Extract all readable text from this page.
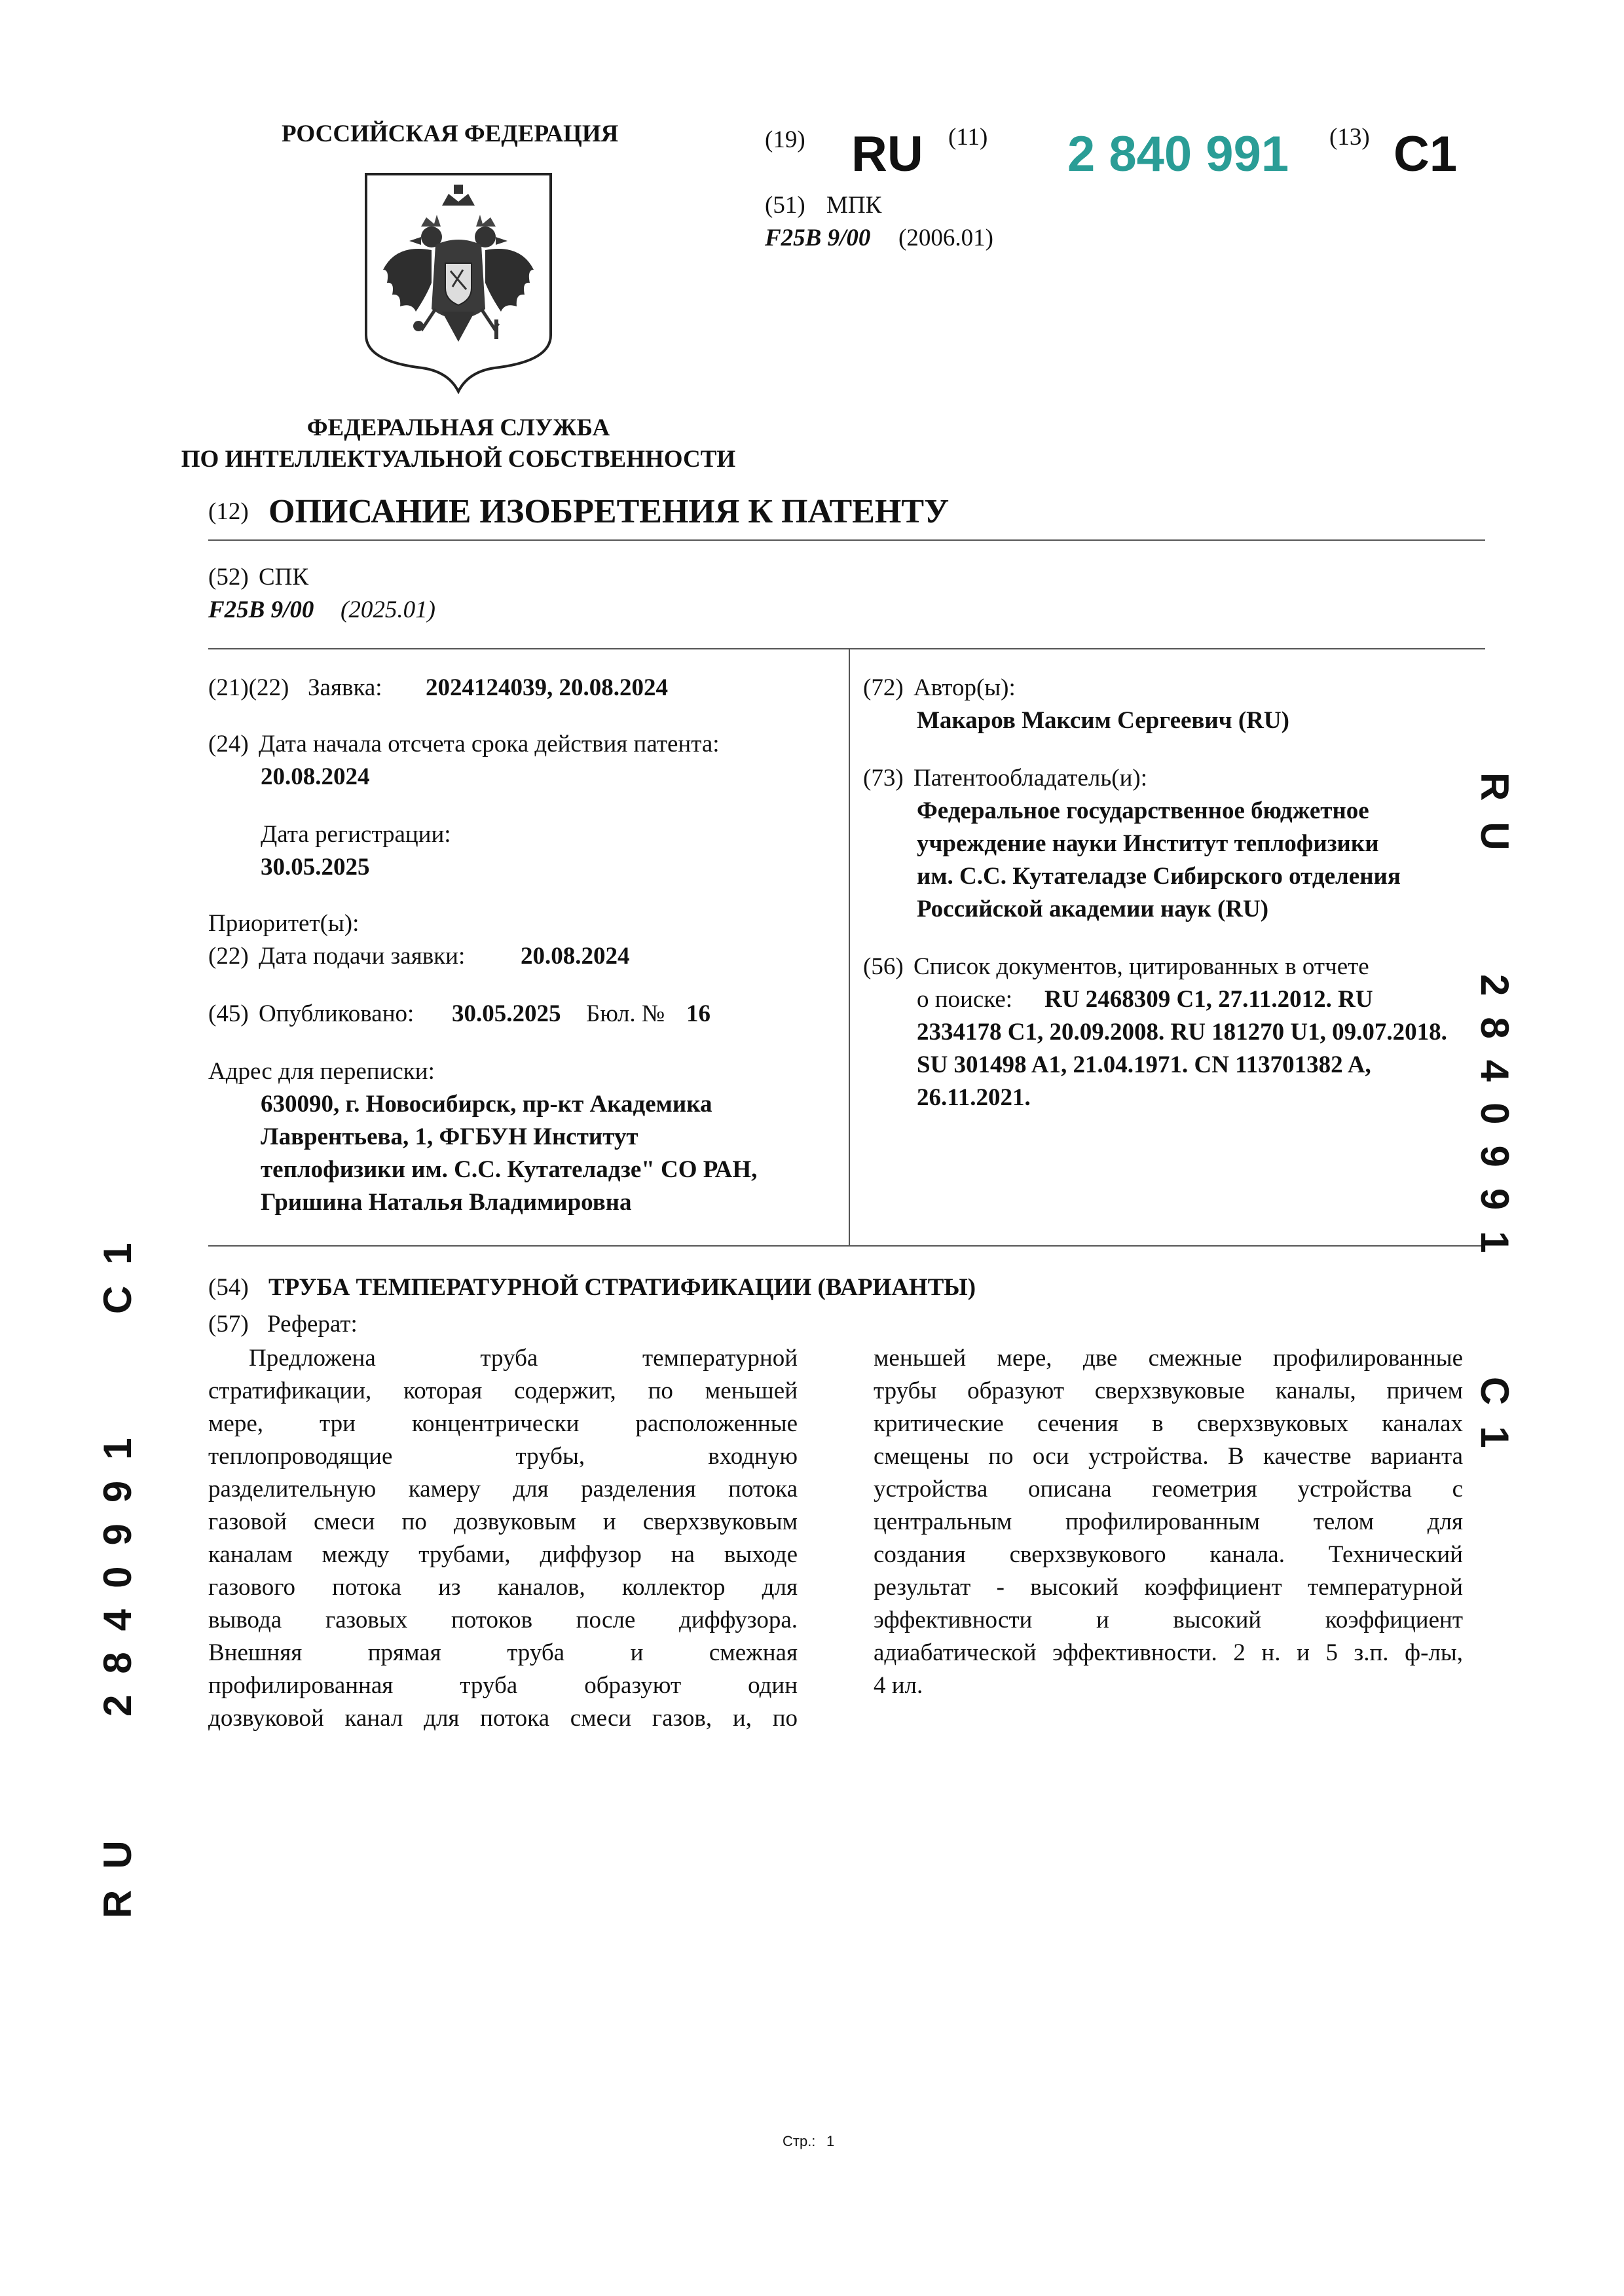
РОССИЙСКАЯ ФЕДЕРАЦИЯ
ФЕДЕРАЛЬНАЯ СЛУЖБА
ПО ИНТЕЛЛЕКТУАЛЬНОЙ СОБСТВЕННОСТИ
(19) RU (11) 2 840 991 (13) C1
(51) МПК
F25B 9/00 (2006.01)
(12) ОПИСАНИЕ ИЗОБРЕТЕНИЯ К ПАТЕНТУ
(52) СПК
F25B 9/00 (2025.01)
(21)(22) Заявка: 2024124039, 20.08.2024
(24) Дата начала отсчета срока действия патента:
20.08.2024
Дата регистрации:
30.05.2025
Приоритет(ы):
(22) Дата подачи заявки: 20.08.2024
(45) Опубликовано: 30.05.2025 Бюл. № 16
Адрес для переписки:
630090, г. Новосибирск, пр-кт Академика
Лаврентьева, 1, ФГБУН Институт
теплофизики им. С.С. Кутателадзе" СО РАН,
Гришина Наталья Владимировна
(72) Автор(ы):
Макаров Максим Сергеевич (RU)
(73) Патентообладатель(и):
Федеральное государственное бюджетное
учреждение науки Институт теплофизики
им. С.С. Кутателадзе Сибирского отделения
Российской академии наук (RU)
(56) Список документов, цитированных в отчете
о поиске: RU 2468309 C1, 27.11.2012. RU
2334178 C1, 20.09.2008. RU 181270 U1, 09.07.2018.
SU 301498 A1, 21.04.1971. CN 113701382 A,
26.11.2021.
(54) ТРУБА ТЕМПЕРАТУРНОЙ СТРАТИФИКАЦИИ (ВАРИАНТЫ)
(57) Реферат:
Предложена труба температурной
стратификации, которая содержит, по меньшей
мере, три концентрически расположенные
теплопроводящие трубы, входную
разделительную камеру для разделения потока
газовой смеси по дозвуковым и сверхзвуковым
каналам между трубами, диффузор на выходе
газового потока из каналов, коллектор для
вывода газовых потоков после диффузора.
Внешняя прямая труба и смежная
профилированная труба образуют один
дозвуковой канал для потока смеси газов, и, по
меньшей мере, две смежные профилированные
трубы образуют сверхзвуковые каналы, причем
критические сечения в сверхзвуковых каналах
смещены по оси устройства. В качестве варианта
устройства описана геометрия устройства с
центральным профилированным телом для
создания сверхзвукового канала. Технический
результат - высокий коэффициент температурной
эффективности и высокий коэффициент
адиабатической эффективности. 2 н. и 5 з.п. ф-лы,
4 ил.
RU  2840991  C1
RU  2840991  C1
Стр.: 1
